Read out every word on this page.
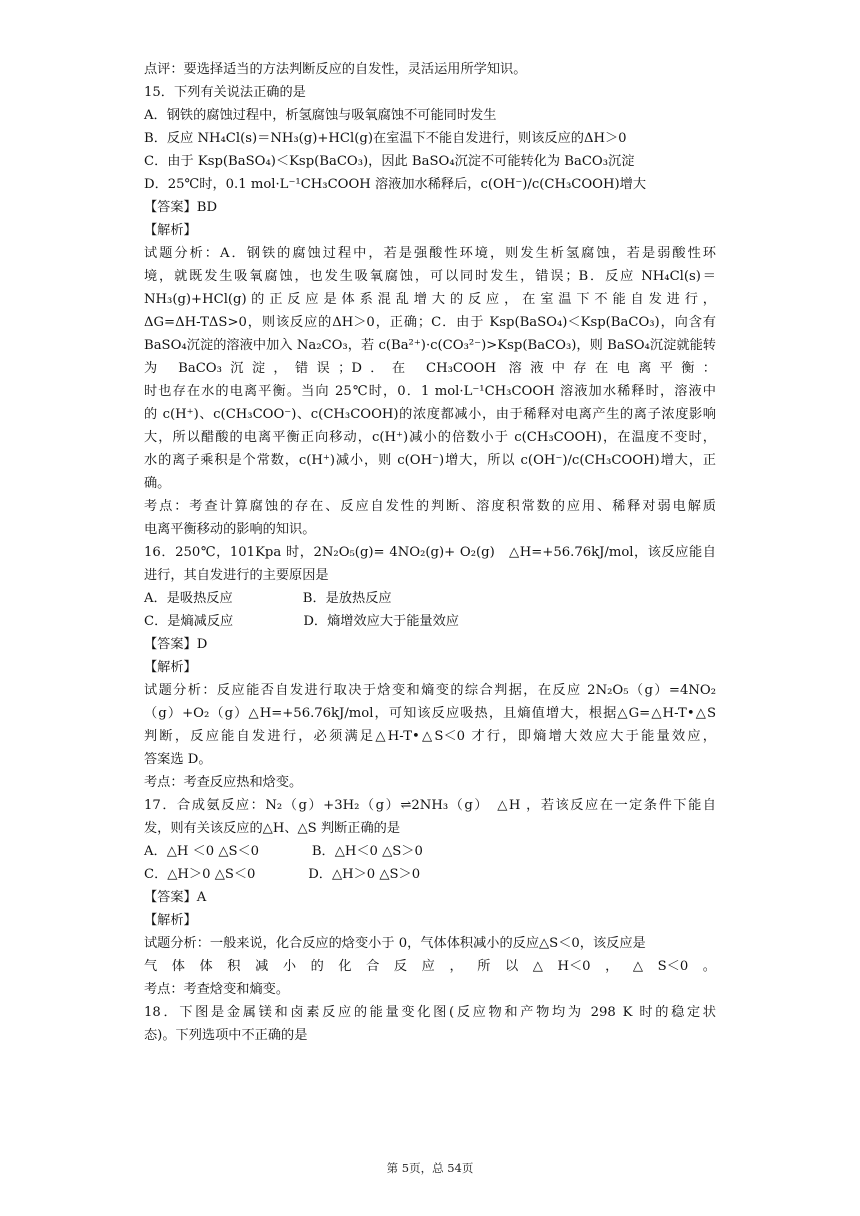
点评：要选择适当的方法判断反应的自发性，灵活运用所学知识。
15．下列有关说法正确的是
A．钢铁的腐蚀过程中，析氢腐蚀与吸氧腐蚀不可能同时发生
B．反应 NH₄Cl(s)＝NH₃(g)+HCl(g)在室温下不能自发进行，则该反应的ΔH＞0
C．由于 Ksp(BaSO₄)＜Ksp(BaCO₃)，因此 BaSO₄沉淀不可能转化为 BaCO₃沉淀
D．25℃时，0.1 mol·L⁻¹CH₃COOH 溶液加水稀释后，c(OH⁻)/c(CH₃COOH)增大
【答案】BD
【解析】
试题分析：A．钢铁的腐蚀过程中，若是强酸性环境，则发生析氢腐蚀，若是弱酸性环
境，就既发生吸氧腐蚀，也发生吸氧腐蚀，可以同时发生，错误；B．反应 NH₄Cl(s)＝
NH₃(g)+HCl(g) 的 正 反 应 是 体 系 混 乱 增 大 的 反 应 ， 在 室 温 下 不 能 自 发 进 行 ，
ΔG=ΔH-TΔS>0，则该反应的ΔH＞0，正确；C．由于 Ksp(BaSO₄)＜Ksp(BaCO₃)，向含有
BaSO₄沉淀的溶液中加入 Na₂CO₃，若 c(Ba²⁺)·c(CO₃²⁻)>Ksp(BaCO₃)，则 BaSO₄沉淀就能转
为 BaCO₃沉淀，错误；D．在 CH₃COOH 溶液中存在电离平衡：
时也存在水的电离平衡。当向 25℃时，0．1 mol·L⁻¹CH₃COOH 溶液加水稀释时，溶液中
的 c(H⁺)、c(CH₃COO⁻)、c(CH₃COOH)的浓度都减小，由于稀释对电离产生的离子浓度影响
大，所以醋酸的电离平衡正向移动，c(H⁺)减小的倍数小于 c(CH₃COOH)，在温度不变时，
水的离子乘积是个常数，c(H⁺)减小，则 c(OH⁻)增大，所以 c(OH⁻)/c(CH₃COOH)增大，正
确。
考点：考查计算腐蚀的存在、反应自发性的判断、溶度积常数的应用、稀释对弱电解质
电离平衡移动的影响的知识。
16．250℃，101Kpa 时，2N₂O₅(g)= 4NO₂(g)+ O₂(g)　△H=+56.76kJ/mol，该反应能自
进行，其自发进行的主要原因是
A．是吸热反应　　　　　 B．是放热反应
C．是熵减反应　　　　　 D．熵增效应大于能量效应
【答案】D
【解析】
试题分析：反应能否自发进行取决于焓变和熵变的综合判据，在反应 2N₂O₅（g）=4NO₂
（g）+O₂（g）△H=+56.76kJ/mol，可知该反应吸热，且熵值增大，根据△G=△H-T•△S
判断，反应能自发进行，必须满足△H-T•△S＜0 才行，即熵增大效应大于能量效应，
答案选 D。
考点：考查反应热和焓变。
17．合成氨反应：N₂（g）+3H₂（g）⇌2NH₃（g）　△H ，若该反应在一定条件下能自
发，则有关该反应的△H、△S 判断正确的是
A．△H ＜0 △S＜0　　　　B．△H＜0 △S＞0
C．△H＞0 △S＜0　　　　D．△H＞0 △S＞0
【答案】A
【解析】
试题分析：一般来说，化合反应的焓变小于 0，气体体积减小的反应△S＜0，该反应是
气体体积减小的化合反应，所以△H＜0，△S＜0。
考点：考查焓变和熵变。
18．下图是金属镁和卤素反应的能量变化图(反应物和产物均为 298 K 时的稳定状
态)。下列选项中不正确的是
第 5页，总 54页
